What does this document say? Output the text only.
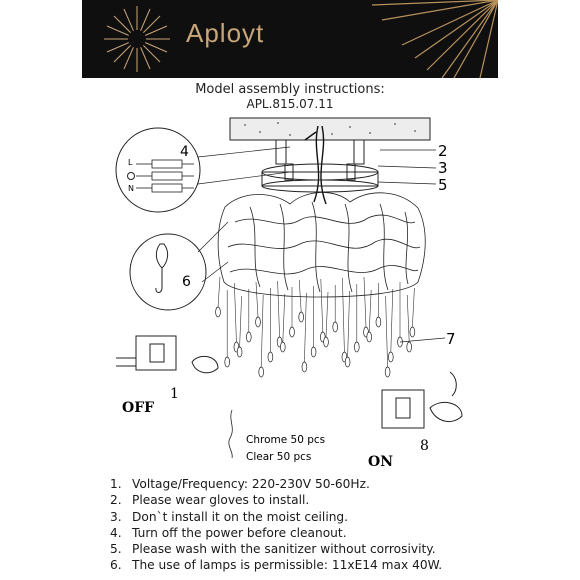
Aployt
Model assembly instructions:
APL.815.07.11
2
3
5
7
4
L
N
6
1
OFF
8
ON
Chrome 50 pcs
Clear 50 pcs
1. Voltage/Frequency: 220-230V 50-60Hz.
2. Please wear gloves to install.
3. Don`t install it on the moist ceiling.
4. Turn off the power before cleanout.
5. Please wash with the sanitizer without corrosivity.
6. The use of lamps is permissible: 11xE14 max 40W.
